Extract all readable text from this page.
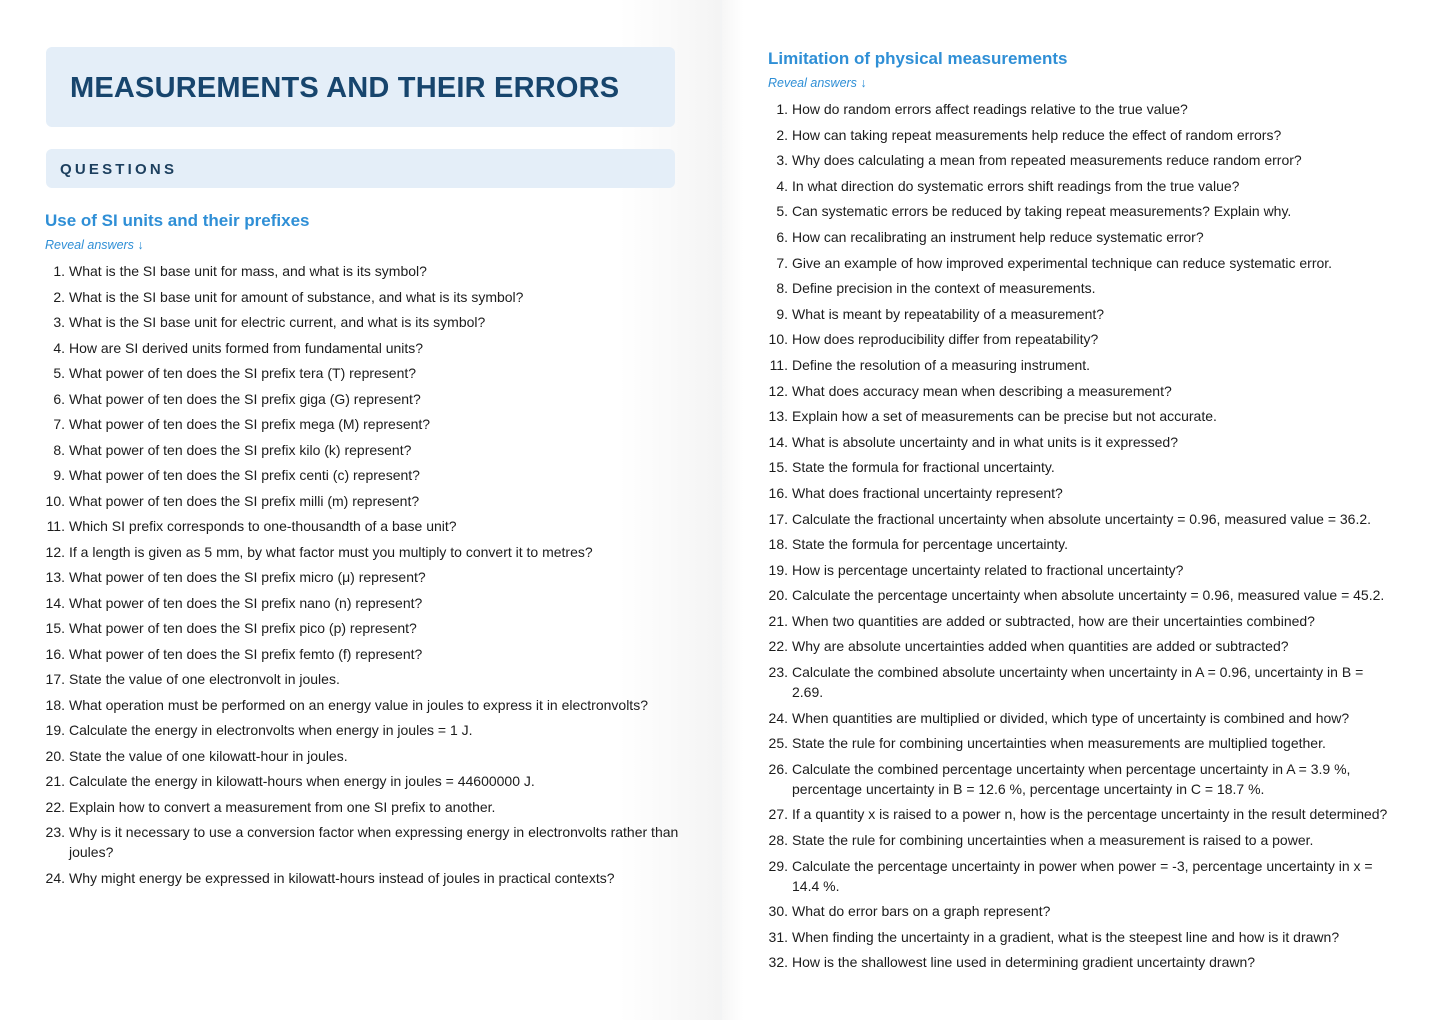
MEASUREMENTS AND THEIR ERRORS
QUESTIONS
Use of SI units and their prefixes
Reveal answers ↓
1. What is the SI base unit for mass, and what is its symbol?
2. What is the SI base unit for amount of substance, and what is its symbol?
3. What is the SI base unit for electric current, and what is its symbol?
4. How are SI derived units formed from fundamental units?
5. What power of ten does the SI prefix tera (T) represent?
6. What power of ten does the SI prefix giga (G) represent?
7. What power of ten does the SI prefix mega (M) represent?
8. What power of ten does the SI prefix kilo (k) represent?
9. What power of ten does the SI prefix centi (c) represent?
10. What power of ten does the SI prefix milli (m) represent?
11. Which SI prefix corresponds to one-thousandth of a base unit?
12. If a length is given as 5 mm, by what factor must you multiply to convert it to metres?
13. What power of ten does the SI prefix micro (μ) represent?
14. What power of ten does the SI prefix nano (n) represent?
15. What power of ten does the SI prefix pico (p) represent?
16. What power of ten does the SI prefix femto (f) represent?
17. State the value of one electronvolt in joules.
18. What operation must be performed on an energy value in joules to express it in electronvolts?
19. Calculate the energy in electronvolts when energy in joules = 1 J.
20. State the value of one kilowatt-hour in joules.
21. Calculate the energy in kilowatt-hours when energy in joules = 44600000 J.
22. Explain how to convert a measurement from one SI prefix to another.
23. Why is it necessary to use a conversion factor when expressing energy in electronvolts rather than joules?
24. Why might energy be expressed in kilowatt-hours instead of joules in practical contexts?
Limitation of physical measurements
Reveal answers ↓
1. How do random errors affect readings relative to the true value?
2. How can taking repeat measurements help reduce the effect of random errors?
3. Why does calculating a mean from repeated measurements reduce random error?
4. In what direction do systematic errors shift readings from the true value?
5. Can systematic errors be reduced by taking repeat measurements? Explain why.
6. How can recalibrating an instrument help reduce systematic error?
7. Give an example of how improved experimental technique can reduce systematic error.
8. Define precision in the context of measurements.
9. What is meant by repeatability of a measurement?
10. How does reproducibility differ from repeatability?
11. Define the resolution of a measuring instrument.
12. What does accuracy mean when describing a measurement?
13. Explain how a set of measurements can be precise but not accurate.
14. What is absolute uncertainty and in what units is it expressed?
15. State the formula for fractional uncertainty.
16. What does fractional uncertainty represent?
17. Calculate the fractional uncertainty when absolute uncertainty = 0.96, measured value = 36.2.
18. State the formula for percentage uncertainty.
19. How is percentage uncertainty related to fractional uncertainty?
20. Calculate the percentage uncertainty when absolute uncertainty = 0.96, measured value = 45.2.
21. When two quantities are added or subtracted, how are their uncertainties combined?
22. Why are absolute uncertainties added when quantities are added or subtracted?
23. Calculate the combined absolute uncertainty when uncertainty in A = 0.96, uncertainty in B = 2.69.
24. When quantities are multiplied or divided, which type of uncertainty is combined and how?
25. State the rule for combining uncertainties when measurements are multiplied together.
26. Calculate the combined percentage uncertainty when percentage uncertainty in A = 3.9 %, percentage uncertainty in B = 12.6 %, percentage uncertainty in C = 18.7 %.
27. If a quantity x is raised to a power n, how is the percentage uncertainty in the result determined?
28. State the rule for combining uncertainties when a measurement is raised to a power.
29. Calculate the percentage uncertainty in power when power = -3, percentage uncertainty in x = 14.4 %.
30. What do error bars on a graph represent?
31. When finding the uncertainty in a gradient, what is the steepest line and how is it drawn?
32. How is the shallowest line used in determining gradient uncertainty drawn?
